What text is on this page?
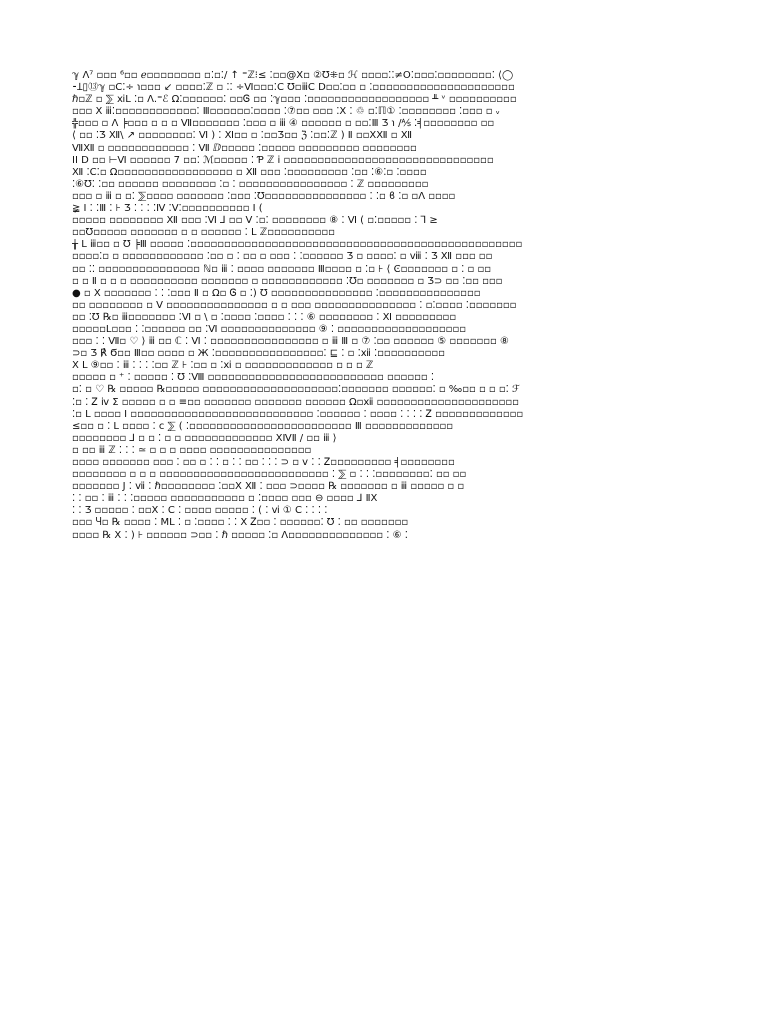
ℽ Λ⁷ ▫▫▫ ⁶▫▫ ℯ▫▫▫▫▫▫▫▫ ▫⁚▫⁚/ ↑ ⁼ℤ⁝≤ ⁚▫▫@Ⅹ▫ ②Ʊ⁜▫ ℋ ▫▫▫▫⁚⁚≠Ö⁚▫▫▫⁚▫▫▫▫▫▫▫▫⁚ ⟨◯
⁃Ʇ▯⑬ℽ ▫C⁚÷ ℩▫▫▫ ↙ ▫▫▫▫⁚ℤ ▫ ⁚⁚ ÷Ⅵ▫▫▫⁚C Ʊ▫ⅲC D▫▫⁚▫▫ ▫ ⁚▫▫▫▫▫▫▫▫▫▫▫▫▫▫▫▫▫▫▫▫▫
ℏ▫ℤ ▫ ⅀ ⅺⅬ ⁚▫ Λ.⁼ℰ Ω⁚▫▫▫▫▫▫⁚ ▫▫Ꮆ ▫▫ ⁚ℽ▫▫▫ ⁚▫▫▫▫▫▫▫▫▫▫▫▫▫▫▫▫▫▫ ╨ ᵛ ▫▫▫▫▫▫▫▫▫▫
▫▫▫ Ⅹ ⅲ⁚▫▫▫▫▫▫▫▫▫▫▫▫⁚ Ⅲ▫▫▫▫▫▫⁚▫▫▫▫ ⁚⑦▫▫ ▫▫▫ ⁚Ⅹ ⁚ ♲ ▫⁚ℿ① ⁚▫▫▫▫▫▫▫▫ ⁚▫▫▫ ▫ ᵥ
╬▫▫▫ ▫ Λ ╞▫▫▫ ▫ ▫ ▫ Ⅶ▫▫▫▫▫▫▫ ⁚▫▫▫ ▫ ⅲ ④ ▫▫▫▫▫▫ ▫ ▫▫⁚Ⅲ Ʒ ℩ /⅍ ⁚╡▫▫▫▫▫▫▫▫ ▫▫
⟨ ▫▫ ⁚Ʒ Ⅻ\ ↗ ▫▫▫▫▫▫▫▫⁚ Ⅵ ) ⁚ Ⅺ▫▫ ▫ ⁚▫▫Ʒ▫▫ ℨ ⁚▫▫⁚ℤ ) Ⅱ ▫▫ⅩⅫ ▫ Ⅻ
ⅦⅫ ▫ ▫▫▫▫▫▫▫▫▫▫▫▫ ⁚ Ⅶ ⅅ▫▫▫▫▫ ⁚▫▫▫▫▫ ▫▫▫▫▫▫▫▫▫ ▫▫▫▫▫▫▫▫
ⅠⅠ Ⅾ ▫▫ ⊢Ⅵ ▫▫▫▫▫▫ 7 ▫▫⁚ ℳ▫▫▫▫▫ ⁚ Ƥ ℤ ⅰ ▫▫▫▫▫▫▫▫▫▫▫▫▫▫▫▫▫▫▫▫▫▫▫▫▫▫▫▫▫▫▫
Ⅻ ⁚C⁚▫ Ω▫▫▫▫▫▫▫▫▫▫▫▫▫▫▫▫▫ ▫ Ⅻ ▫▫▫ ⁚▫▫▫▫▫▫▫▫▫ ⁚▫▫ ⁚⑥⁚▫ ⁚▫▫▫▫
⁚⑥Ʊ⁚ ⁚▫▫ ▫▫▫▫▫▫ ▫▫▫▫▫▫▫▫ ⁚▫ ⁚ ▫▫▫▫▫▫▫▫▫▫▫▫▫▫▫▫ ⁚ ℤ ▫▫▫▫▫▫▫▫▫
▫▫▫ ▫ ⅲ ▫ ▫⁚ ⅀▫▫▫▫ ▫▫▫▫▫▫▫ ⁚▫▫▫ ⁚Ʊ▫▫▫▫▫▫▫▫▫▫▫▫▫▫▫ ⁚ ⁚▫ ϐ ⁚▫ ▫Λ ▫▫▫▫
≩ Ⅰ ⁚ ⁚Ⅲ ⁚ ⊦ Ʒ ⁚ ⁚ ⁚ ⁚Ⅳ ⁚Ⅴ⁚▫▫▫▫▫▫▫▫▫▫ Ⅰ (
▫▫▫▫▫ ▫▫▫▫▫▫▫▫ Ⅻ ▫▫▫ ⁚Ⅵ ⅃ ▫▫ Ⅴ ⁚▫⁚ ▫▫▫▫▫▫▫▫ ⑧ ⁚ Ⅵ ( ▫⁚▫▫▫▫▫ ⁚ ⅂ ≥
▫▫Ʊ▫▫▫▫▫ ▫▫▫▫▫▫▫ ▫ ▫ ▫▫▫▫▫▫ ⁚ Ⅼ ℤ▫▫▫▫▫▫▫▫▫▫
╁ Ⅼ ⅲ▫▫ ▫ Ʊ ╞Ⅲ ▫▫▫▫▫ ⁚▫▫▫▫▫▫▫▫▫▫▫▫▫▫▫▫▫▫▫▫▫▫▫▫▫▫▫▫▫▫▫▫▫▫▫▫▫▫▫▫▫▫▫▫▫▫▫▫▫
▫▫▫▫⁚▫ ▫ ▫▫▫▫▫▫▫▫▫▫▫▫ ⁚▫▫ ▫ ⁚ ▫▫ ▫ ▫▫▫ ⁚ ⁚▫▫▫▫▫▫ Ʒ ▫ ▫▫▫▫⁚ ▫ ⅷ ⁚ Ʒ Ⅻ ▫▫▫ ▫▫
▫▫ ⁚⁚ ▫▫▫▫▫▫▫▫▫▫▫▫▫▫▫ ℕ▫ ⅲ ⁚ ▫▫▫▫ ▫▫▫▫▫▫▫ Ⅲ▫▫▫▫ ▫ ⁚▫ ⊦ ⟨ Ͼ▫▫▫▫▫▫▫ ▫ ⁚ ▫ ▫▫
▫ ▫ Ⅱ ▫ ▫ ▫ ▫▫▫▫▫▫▫▫▫▫ ▫▫▫▫▫▫▫ ▫ ▫▫▫▫▫▫▫▫▫▫▫▫ ⁚Ʊ▫ ▫▫▫▫▫▫▫ ▫ Ʒ⊃ ▫▫ ⁚▫▫ ▫▫▫
● ▫ Ⅹ ▫▫▫▫▫▫▫ ⁚ ⁚ ⁚▫▫▫ Ⅱ ▫ Ω▫ Ꮆ ▫ ⁚) Ʊ ▫▫▫▫▫▫▫▫▫▫▫▫▫▫▫ ⁚▫▫▫▫▫▫▫▫▫▫▫▫▫▫▫
▫▫ ▫▫▫▫▫▫▫▫ ▫ Ⅴ ▫▫▫▫▫▫▫▫▫▫▫▫▫▫▫ ▫ ▫ ▫▫▫ ▫▫▫▫▫▫▫▫▫▫▫▫▫▫▫ ⁚ ▫⁚▫▫▫▫ ⁚▫▫▫▫▫▫▫
▫▫ ⁚Ʊ ℞▫ ⅲ▫▫▫▫▫▫▫ ⁚Ⅵ ▫ \ ▫ ⁚▫▫▫▫ ⁚▫▫▫▫ ⁚ ⁚ ⁚ ⑥ ▫▫▫▫▫▫▫▫ ⁚ Ⅺ ▫▫▫▫▫▫▫▫▫
▫▫▫▫▫Ⅼ▫▫▫ ⁚ ⁚▫▫▫▫▫▫ ▫▫ ⁚Ⅵ ▫▫▫▫▫▫▫▫▫▫▫▫▫▫ ⑨ ⁚ ▫▫▫▫▫▫▫▫▫▫▫▫▫▫▫▫▫▫▫
▫▫▫ ⁚ ⁚ Ⅶ▫ ♡ ⟩ ⅲ ▫▫ ℂ ⁚ Ⅵ ⁚ ▫▫▫▫▫▫▫▫▫▫▫▫▫▫▫▫ ▫ ⅲ Ⅲ ▫ ⑦ ⁚▫▫ ▫▫▫▫▫▫ ⑤ ▫▫▫▫▫▫▫ ⑧
⊃▫ Ʒ ℟ Ϭ▫▫ Ⅲ▫▫ ▫▫▫▫ ▫ Ж ⁚▫▫▫▫▫▫▫▫▫▫▫▫▫▫▫▫⁚ ⊑ ⁚ ▫ ⁚ⅻ ⁚▫▫▫▫▫▫▫▫▫▫
Ⅹ Ⅼ ⑨▫▫ ⁚ ⅲ ⁚ ⁚ ⁚ ⁚▫▫ ℤ ⊦ ⁚▫▫ ▫ ⁚ⅺ ▫ ▫▫▫▫▫▫▫▫▫▫▫▫▫ ▫ ▫ ▫ ℤ
▫▫▫▫▫ ▫ ⁺ ⁚ ▫▫▫▫▫ ⁚ Ʊ ⁚Ⅷ ▫▫▫▫▫▫▫▫▫▫▫▫▫▫▫▫▫▫▫▫▫▫▫▫▫▫ ▫▫▫▫▫▫ ⁚
▫⁚ ▫ ♡ ℞ ▫▫▫▫▫ ℞▫▫▫▫▫ ▫▫▫▫▫▫▫▫▫▫▫▫▫▫▫▫▫▫▫▫⁚▫▫▫▫▫▫▫ ▫▫▫▫▫▫⁚ ▫ ‰▫▫ ▫ ▫ ▫⁚ ℱ
⁚▫ ⁚ Ꮓ ⅳ Ʃ ▫▫▫▫▫ ▫ ▫ ≡▫▫ ▫▫▫▫▫▫▫ ▫▫▫▫▫▫▫ ▫▫▫▫▫▫ Ω▫ⅻ ▫▫▫▫▫▫▫▫▫▫▫▫▫▫▫▫▫▫▫▫▫
⁚▫ Ⅼ ▫▫▫▫ Ⅰ ▫▫▫▫▫▫▫▫▫▫▫▫▫▫▫▫▫▫▫▫▫▫▫▫▫▫▫ ⁚▫▫▫▫▫▫ ⁚ ▫▫▫▫ ⁚ ⁚ ⁚ ⁚ Ꮓ ▫▫▫▫▫▫▫▫▫▫▫▫▫
≤▫▫ ▫ ⁚ Ⅼ ▫▫▫▫ ⁚ ⅽ ⅀ ( ⁚▫▫▫▫▫▫▫▫▫▫▫▫▫▫▫▫▫▫▫▫▫▫▫▫ Ⅲ ▫▫▫▫▫▫▫▫▫▫▫▫▫
▫▫▫▫▫▫▫▫ ⅃ ▫ ▫ ⁚ ▫ ▫ ▫▫▫▫▫▫▫▫▫▫▫▫▫ ⅩⅣⅡ / ▫▫ ⅲ ⟩
▫ ▫▫ ⅲ ℤ ⁚ ⁚ ⁚ ≃ ▫ ▫ ▫ ▫▫▫▫ ▫▫▫▫▫▫▫▫▫▫▫▫▫▫▫
▫▫▫▫ ▫▫▫▫▫▫▫ ▫▫▫ ⁚ ▫▫ ▫ ⁚ ⁚ ▫ ⁚ ⁚ ▫▫ ⁚ ⁚ ⁚ ⊃ ▫ ⅴ ⁚ ⁚ Ꮓ▫▫▫▫▫▫▫▫▫ ╡▫▫▫▫▫▫▫▫
▫▫▫▫▫▫▫▫ ▫ ▫ ▫ ▫▫▫▫▫▫▫▫▫▫▫▫▫▫▫▫▫▫▫▫▫▫▫▫▫ ⁚ ⅀ ▫ ⁚ ⁚ ⁚▫▫▫▫▫▫▫▫⁚ ▫▫ ▫▫
▫▫▫▫▫▫▫ Ϳ ⁚ ⅶ ⁚ ℏ▫▫▫▫▫▫▫▫ ⁚▫▫Ⅹ Ⅻ ⁚ ▫▫▫ ⊃▫▫▫▫ ℞ ▫▫▫▫▫▫▫ ▫ ⅲ ▫▫▫▫▫ ▫ ▫
⁚ ⁚ ▫▫ ⁚ ⅲ ⁚ ⁚ ⁚▫▫▫▫▫ ▫▫▫▫▫▫▫▫▫▫▫ ▫ ⁚▫▫▫▫ ▫▫▫ ⊖ ▫▫▫▫ ⅃ ⅡⅩ
⁚ ⁚ Ʒ ▫▫▫▫▫ ⁚ ▫▫Ⅹ ⁚ C ⁚ ▫▫▫▫ ▫▫▫▫▫ ⁚ ( ⁚ ⅵ ① C ⁚ ⁚ ⁚ ⁚
▫▫▫ Ⴗ▫ ℞ ▫▫▫▫ ⁚ ⅯⅬ ⁚ ▫ ⁚▫▫▫▫ ⁚ ⁚ Ⅹ Ꮓ▫▫ ⁚ ▫▫▫▫▫▫⁚ Ʊ ⁚ ▫▫ ▫▫▫▫▫▫▫
▫▫▫▫ ℞ Ⅹ ⁚ ) ⊦ ▫▫▫▫▫▫ ⊃▫▫ ⁚ ℏ ▫▫▫▫▫ ⁚▫ Λ▫▫▫▫▫▫▫▫▫▫▫▫▫▫ ⁚ ⑥ ⁚
